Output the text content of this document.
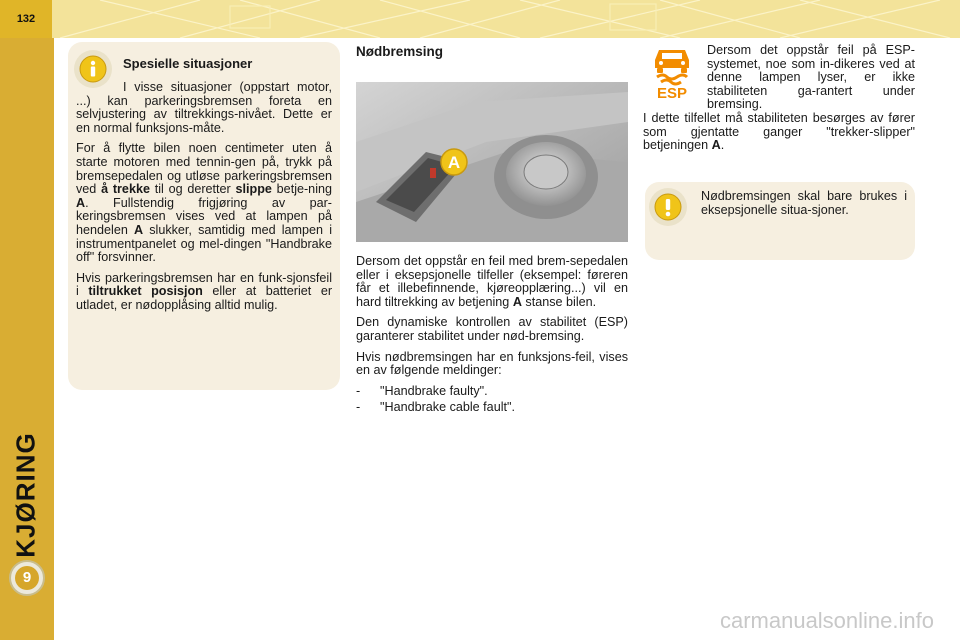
132
KJØRING
9
Spesielle situasjoner

I visse situasjoner (oppstart motor, ...) kan parkeringsbremsen foreta en selvjustering av tiltrekkings-nivået. Dette er en normal funksjons-måte.

For å flytte bilen noen centimeter uten å starte motoren med tennin-gen på, trykk på bremsepedalen og utløse parkeringsbremsen ved å trekke til og deretter slippe betje-ning A. Fullstendig frigjøring av par-keringsbremsen vises ved at lampen på hendelen A slukker, samtidig med lampen i instrumentpanelet og mel-dingen "Handbrake off" forsvinner.

Hvis parkeringsbremsen har en funk-sjonsfeil i tiltrukket posisjon eller at batteriet er utladet, er nødopplåsing alltid mulig.

Nødbremsing
A

Dersom det oppstår en feil med brem-sepedalen eller i eksepsjonelle tilfeller (eksempel: føreren får et illebefinnende, kjøreopplæring...) vil en hard tiltrekking av betjening A stanse bilen.

Den dynamiske kontrollen av stabilitet (ESP) garanterer stabilitet under nød-bremsing.

Hvis nødbremsingen har en funksjons-feil, vises en av følgende meldinger:

-	"Handbrake faulty".
-	"Handbrake cable fault".
ESP

Dersom det oppstår feil på ESP-systemet, noe som in-dikeres ved at denne lampen lyser, er ikke stabiliteten ga-rantert under bremsing.

I dette tilfellet må stabiliteten besørges av fører som gjentatte ganger "trekker-slipper" betjeningen A.

Nødbremsingen skal bare brukes i eksepsjonelle situa-sjoner.

carmanualsonline.info
